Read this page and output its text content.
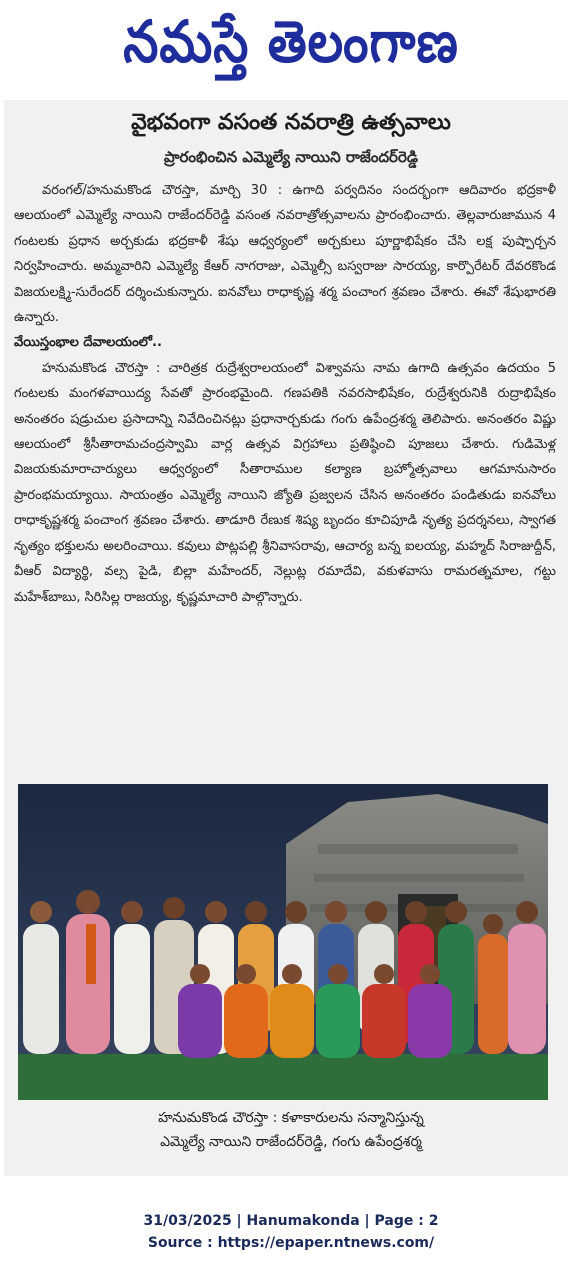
నమస్తే తెలంగాణ
వైభవంగా వసంత నవరాత్రి ఉత్సవాలు
ప్రారంభించిన ఎమ్మెల్యే నాయిని రాజేందర్‌రెడ్డి

వరంగల్/హనుమకొండ చౌరస్తా, మార్చి 30 : ఉగాది పర్వదినం సందర్భంగా ఆదివారం భద్రకాళీ ఆలయంలో ఎమ్మెల్యే నాయిని రాజేందర్‌రెడ్డి వసంత నవరాత్రోత్సవాలను ప్రారంభించారు. తెల్లవారుజామున 4 గంటలకు ప్రధాన అర్చకుడు భద్రకాళీ శేషు ఆధ్వర్యంలో అర్చకులు పూర్ణాభిషేకం చేసి లక్ష పుష్పార్చన నిర్వహించారు. అమ్మవారిని ఎమ్మెల్యే కేఆర్ నాగరాజు, ఎమ్మెల్సీ బస్వరాజు సారయ్య, కార్పొరేటర్ దేవరకొండ విజయలక్ష్మి-సురేందర్ దర్శించుకున్నారు. ఐనవోలు రాధాకృష్ణ శర్మ పంచాంగ శ్రవణం చేశారు. ఈవో శేషుభారతి ఉన్నారు.

వేయిస్తంభాల దేవాలయంలో..

హనుమకొండ చౌరస్తా : చారిత్రక రుద్రేశ్వరాలయంలో విశ్వావసు నామ ఉగాది ఉత్సవం ఉదయం 5 గంటలకు మంగళవాయిద్య సేవతో ప్రారంభమైంది. గణపతికి నవరసాభిషేకం, రుద్రేశ్వరునికి రుద్రాభిషేకం అనంతరం షడ్రుచుల ప్రసాదాన్ని నివేదించినట్లు ప్రధానార్చకుడు గంగు ఉపేంద్రశర్మ తెలిపారు. అనంతరం విష్ణు ఆలయంలో శ్రీసీతారామచంద్రస్వామి వార్ల ఉత్సవ విగ్రహాలు ప్రతిష్ఠించి పూజలు చేశారు. గుడిమెళ్ల విజయకుమారాచార్యులు ఆధ్వర్యంలో సీతారాముల కల్యాణ బ్రహ్మోత్సవాలు ఆగమానుసారం ప్రారంభమయ్యాయి. సాయంత్రం ఎమ్మెల్యే నాయిని జ్యోతి ప్రజ్వలన చేసిన అనంతరం పండితుడు ఐనవోలు రాధాకృష్ణశర్మ పంచాంగ శ్రవణం చేశారు. తాడూరి రేణుక శిష్య బృందం కూచిపూడి నృత్య ప్రదర్శనలు, స్వాగత నృత్యం భక్తులను అలరించాయి. కవులు పొట్లపల్లి శ్రీనివాసరావు, ఆచార్య బన్న ఐలయ్య, మహ్మద్ సిరాజుద్దీన్, వీఆర్ విద్యార్థి, వల్స పైడి, బిల్లా మహేందర్, నెల్లుట్ల రమాదేవి, వకుళవాసు రామరత్నమాల, గట్టు మహేశ్‌బాబు, సిరిసిల్ల రాజయ్య, కృష్ణమాచారి పాల్గొన్నారు.

హనుమకొండ చౌరస్తా : కళాకారులను సన్మానిస్తున్న
ఎమ్మెల్యే నాయిని రాజేందర్‌రెడ్డి, గంగు ఉపేంద్రశర్మ
31/03/2025 | Hanumakonda | Page : 2
Source : https://epaper.ntnews.com/
